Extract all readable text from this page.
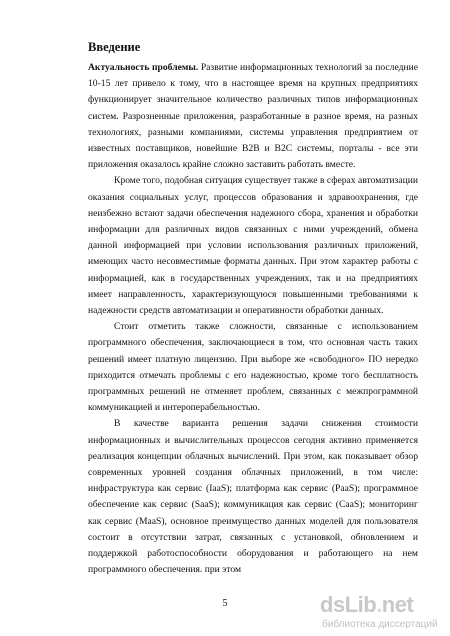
Введение

Актуальность проблемы. Развитие информационных технологий за последние 10-15 лет привело к тому, что в настоящее время на крупных предприятиях функционирует значительное количество различных типов информационных систем. Разрозненные приложения, разработанные в разное время, на разных технологиях, разными компаниями, системы управления предприятием от известных поставщиков, новейшие B2B и B2C системы, порталы - все эти приложения оказалось крайне сложно заставить работать вместе.

Кроме того, подобная ситуация существует также в сферах автоматизации оказания социальных услуг, процессов образования и здравоохранения, где неизбежно встают задачи обеспечения надежного сбора, хранения и обработки информации для различных видов связанных с ними учреждений, обмена данной информацией при условии использования различных приложений, имеющих часто несовместимые форматы данных. При этом характер работы с информацией, как в государственных учреждениях, так и на предприятиях имеет направленность, характеризующуюся повышенными требованиями к надежности средств автоматизации и оперативности обработки данных.

Стоит отметить также сложности, связанные с использованием программного обеспечения, заключающиеся в том, что основная часть таких решений имеет платную лицензию. При выборе же «свободного» ПО нередко приходится отмечать проблемы с его надежностью, кроме того бесплатность программных решений не отменяет проблем, связанных с межпрограммной коммуникацией и интероперабельностью.

В качестве варианта решения задачи снижения стоимости информационных и вычислительных процессов сегодня активно применяется реализация концепции облачных вычислений. При этом, как показывает обзор современных уровней создания облачных приложений, в том числе: инфраструктура как сервис (IaaS); платформа как сервис (PaaS); программное обеспечение как сервис (SaaS); коммуникация как сервис (CaaS); мониторинг как сервис (MaaS), основное преимущество данных моделей для пользователя состоит в отсутствии затрат, связанных с установкой, обновлением и поддержкой работоспособности оборудования и работающего на нем программного обеспечения. при этом

5	dsLib.net
библиотека диссертаций
